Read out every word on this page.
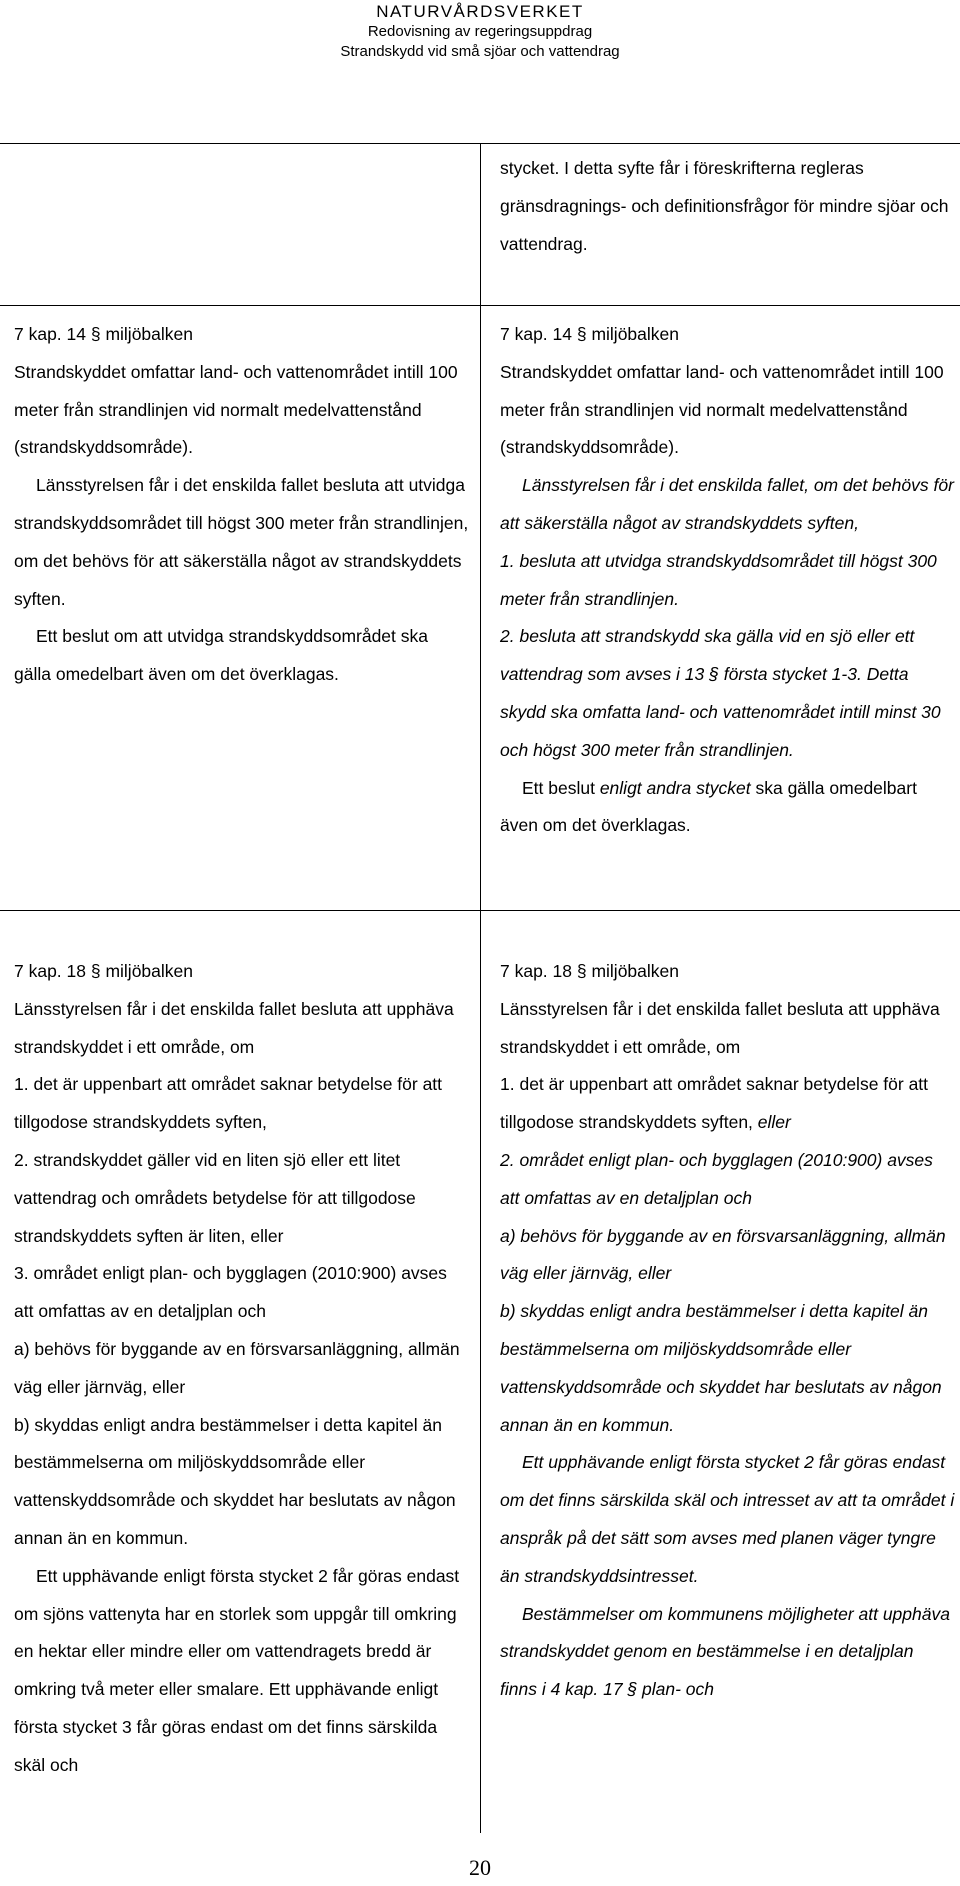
NATURVÅRDSVERKET
Redovisning av regeringsuppdrag
Strandskydd vid små sjöar och vattendrag

stycket. I detta syfte får i föreskrifterna regleras gränsdragnings- och definitionsfrågor för mindre sjöar och vattendrag.

7 kap. 14 § miljöbalken

Strandskyddet omfattar land- och vattenområdet intill 100 meter från strandlinjen vid normalt medelvattenstånd (strandskyddsområde).

Länsstyrelsen får i det enskilda fallet besluta att utvidga strandskyddsområdet till högst 300 meter från strandlinjen, om det behövs för att säkerställa något av strandskyddets syften.

Ett beslut om att utvidga strandskyddsområdet ska gälla omedelbart även om det överklagas.

7 kap. 14 § miljöbalken

Strandskyddet omfattar land- och vattenområdet intill 100 meter från strandlinjen vid normalt medelvattenstånd (strandskyddsområde).

Länsstyrelsen får i det enskilda fallet, om det behövs för att säkerställa något av strandskyddets syften,

1. besluta att utvidga strandskyddsområdet till högst 300 meter från strandlinjen.

2. besluta att strandskydd ska gälla vid en sjö eller ett vattendrag som avses i 13 § första stycket 1-3. Detta skydd ska omfatta land- och vattenområdet intill minst 30 och högst 300 meter från strandlinjen.

Ett beslut enligt andra stycket ska gälla omedelbart även om det överklagas.

7 kap. 18 § miljöbalken

Länsstyrelsen får i det enskilda fallet besluta att upphäva strandskyddet i ett område, om

1. det är uppenbart att området saknar betydelse för att tillgodose strandskyddets syften,

2. strandskyddet gäller vid en liten sjö eller ett litet vattendrag och områdets betydelse för att tillgodose strandskyddets syften är liten, eller

3. området enligt plan- och bygglagen (2010:900) avses att omfattas av en detaljplan och

a) behövs för byggande av en försvarsanläggning, allmän väg eller järnväg, eller

b) skyddas enligt andra bestämmelser i detta kapitel än bestämmelserna om miljöskyddsområde eller vattenskyddsområde och skyddet har beslutats av någon annan än en kommun.

Ett upphävande enligt första stycket 2 får göras endast om sjöns vattenyta har en storlek som uppgår till omkring en hektar eller mindre eller om vattendragets bredd är omkring två meter eller smalare. Ett upphävande enligt första stycket 3 får göras endast om det finns särskilda skäl och

7 kap. 18 § miljöbalken

Länsstyrelsen får i det enskilda fallet besluta att upphäva strandskyddet i ett område, om

1. det är uppenbart att området saknar betydelse för att tillgodose strandskyddets syften, eller

2. området enligt plan- och bygglagen (2010:900) avses att omfattas av en detaljplan och

a) behövs för byggande av en försvarsanläggning, allmän väg eller järnväg, eller

b) skyddas enligt andra bestämmelser i detta kapitel än bestämmelserna om miljöskyddsområde eller vattenskyddsområde och skyddet har beslutats av någon annan än en kommun.

Ett upphävande enligt första stycket 2 får göras endast om det finns särskilda skäl och intresset av att ta området i anspråk på det sätt som avses med planen väger tyngre än strandskyddsintresset.

Bestämmelser om kommunens möjligheter att upphäva strandskyddet genom en bestämmelse i en detaljplan finns i 4 kap. 17 § plan- och

20
